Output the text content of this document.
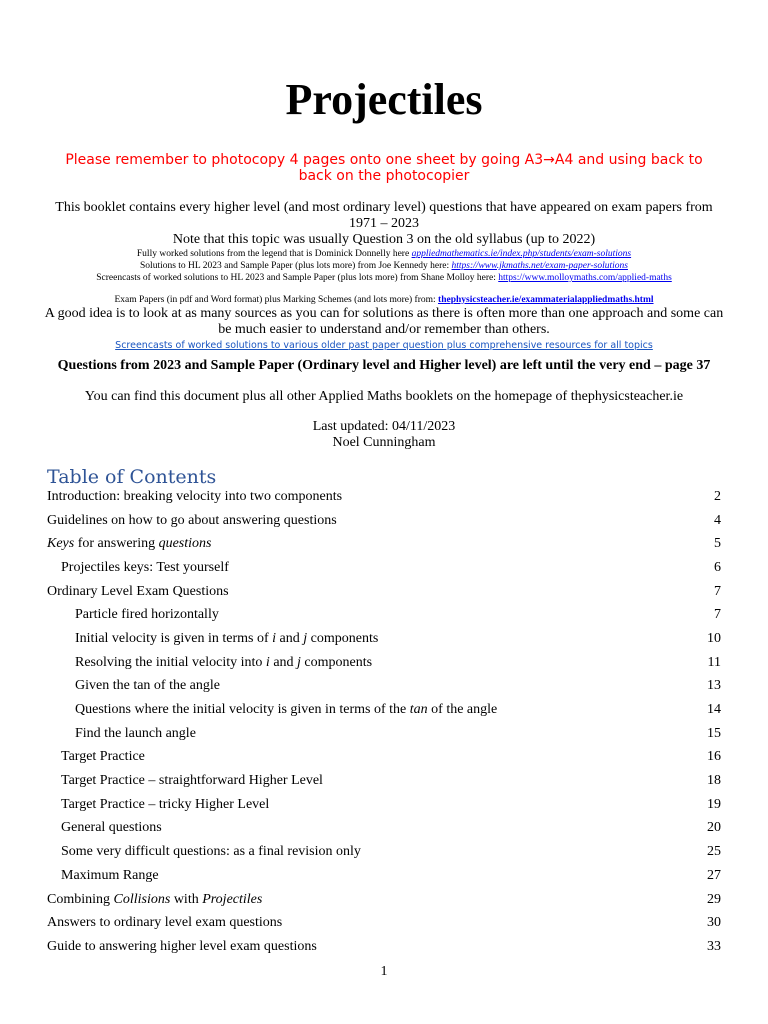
Projectiles
Please remember to photocopy 4 pages onto one sheet by going A3→A4 and using back to back on the photocopier
This booklet contains every higher level (and most ordinary level) questions that have appeared on exam papers from 1971 – 2023
Note that this topic was usually Question 3 on the old syllabus (up to 2022)
Fully worked solutions from the legend that is Dominick Donnelly here appliedmathematics.ie/index.php/students/exam-solutions
Solutions to HL 2023 and Sample Paper (plus lots more) from Joe Kennedy here: https://www.jkmaths.net/exam-paper-solutions
Screencasts of worked solutions to HL 2023 and Sample Paper (plus lots more) from Shane Molloy here: https://www.molloymaths.com/applied-maths
Exam Papers (in pdf and Word format) plus Marking Schemes (and lots more) from: thephysicsteacher.ie/exammaterialappliedmaths.html
A good idea is to look at as many sources as you can for solutions as there is often more than one approach and some can be much easier to understand and/or remember than others.
Screencasts of worked solutions to various older past paper question plus comprehensive resources for all topics
Questions from 2023 and Sample Paper (Ordinary level and Higher level) are left until the very end – page 37
You can find this document plus all other Applied Maths booklets on the homepage of thephysicsteacher.ie
Last updated: 04/11/2023
Noel Cunningham
Table of Contents
Introduction: breaking velocity into two components	2
Guidelines on how to go about answering questions	4
Keys for answering questions	5
Projectiles keys: Test yourself	6
Ordinary Level Exam Questions	7
Particle fired horizontally	7
Initial velocity is given in terms of i and j components	10
Resolving the initial velocity into i and j components	11
Given the tan of the angle	13
Questions where the initial velocity is given in terms of the tan of the angle	14
Find the launch angle	15
Target Practice	16
Target Practice – straightforward Higher Level	18
Target Practice – tricky Higher Level	19
General questions	20
Some very difficult questions: as a final revision only	25
Maximum Range	27
Combining Collisions with Projectiles	29
Answers to ordinary level exam questions	30
Guide to answering higher level exam questions	33
1
